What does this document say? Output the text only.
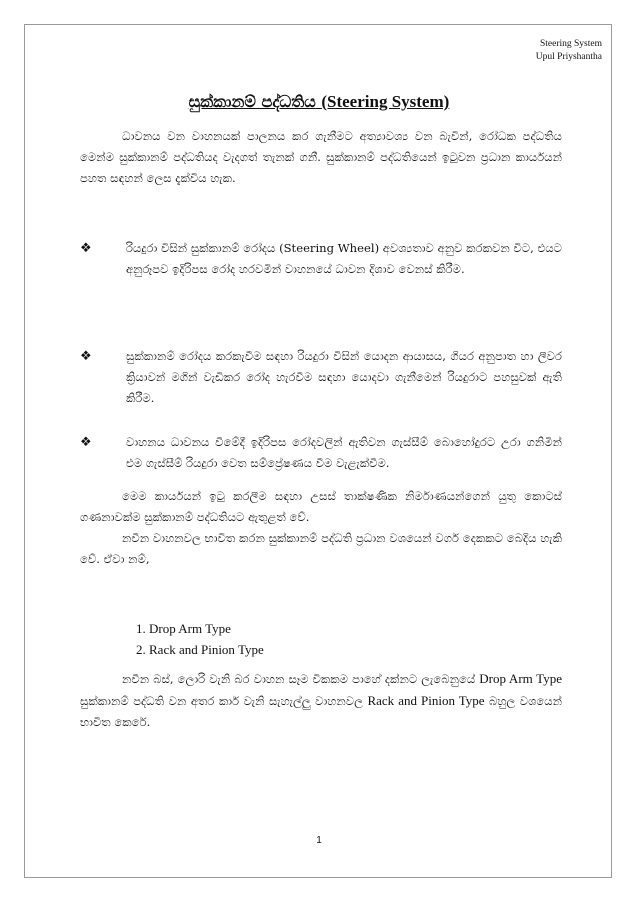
Steering System
Upul Priyshantha
සුක්කානම් පද්ධතිය (Steering System)

ධාවනය වන වාහනයක් පාලනය කර ගැනීමට අත්‍යාවශ්‍ය වන බැවින්, රෝධක පද්ධතිය මෙන්ම සුක්කානම් පද්ධතියද වැදගත් තැනක් ගනී. සුක්කානම් පද්ධතියෙන් ඉටුවන ප්‍රධාන කාර්යයන් පහත සඳහන් ලෙස දැක්විය හැක.

❖	රියදුරා විසින් සුක්කානම් රෝදය (Steering Wheel) අවශ්‍යතාව අනුව කරකවන විට, එයට අනුරූපව ඉදිරිපස රෝද හරවමින් වාහනයේ ධාවන දිශාව වෙනස් කිරීම.
❖	සුක්කානම් රෝදය කරකැවීම සඳහා රියදුරා විසින් යොදන ආයාසය, ගියර අනුපාත හා ලීවර ක්‍රියාවන් මගින් වැඩිකර රෝද හැරවීම සඳහා යොදවා ගැනීමෙන් රියදුරාට පහසුවක් ඇති කිරීම.
❖	වාහනය ධාවනය වීමේදී ඉදිරිපස රෝදවලින් ඇතිවන ගැස්සීම් බොහෝදුරට උරා ගනිමින් එම ගැස්සීම් රියදුරා වෙත සම්ප්‍රේෂණය වීම වැළැක්වීම.

මෙම කාර්යයන් ඉටු කරලීම සඳහා උසස් තාක්ෂණික නිර්මාණයන්ගෙන් යුතු කොටස් ගණනාවක්ම සුක්කානම් පද්ධතියට ඇතුළත් වේ.

නවීන වාහනවල භාවිත කරන සුක්කානම් පද්ධති ප්‍රධාන වශයෙන් වර්ග දෙකකට බෙදිය හැකි වේ. ඒවා නම්,

1. Drop Arm Type
2. Rack and Pinion Type

නවීන බස්, ලොරි වැනි බර වාහන සෑම විකකම පාහේ දක්නට ලැබෙනුයේ Drop Arm Type සුක්කානම් පද්ධති වන අතර කාර් වැනි සැහැල්ලු වාහනවල Rack and Pinion Type බහුල වශයෙන් භාවිත කෙරේ.

1
